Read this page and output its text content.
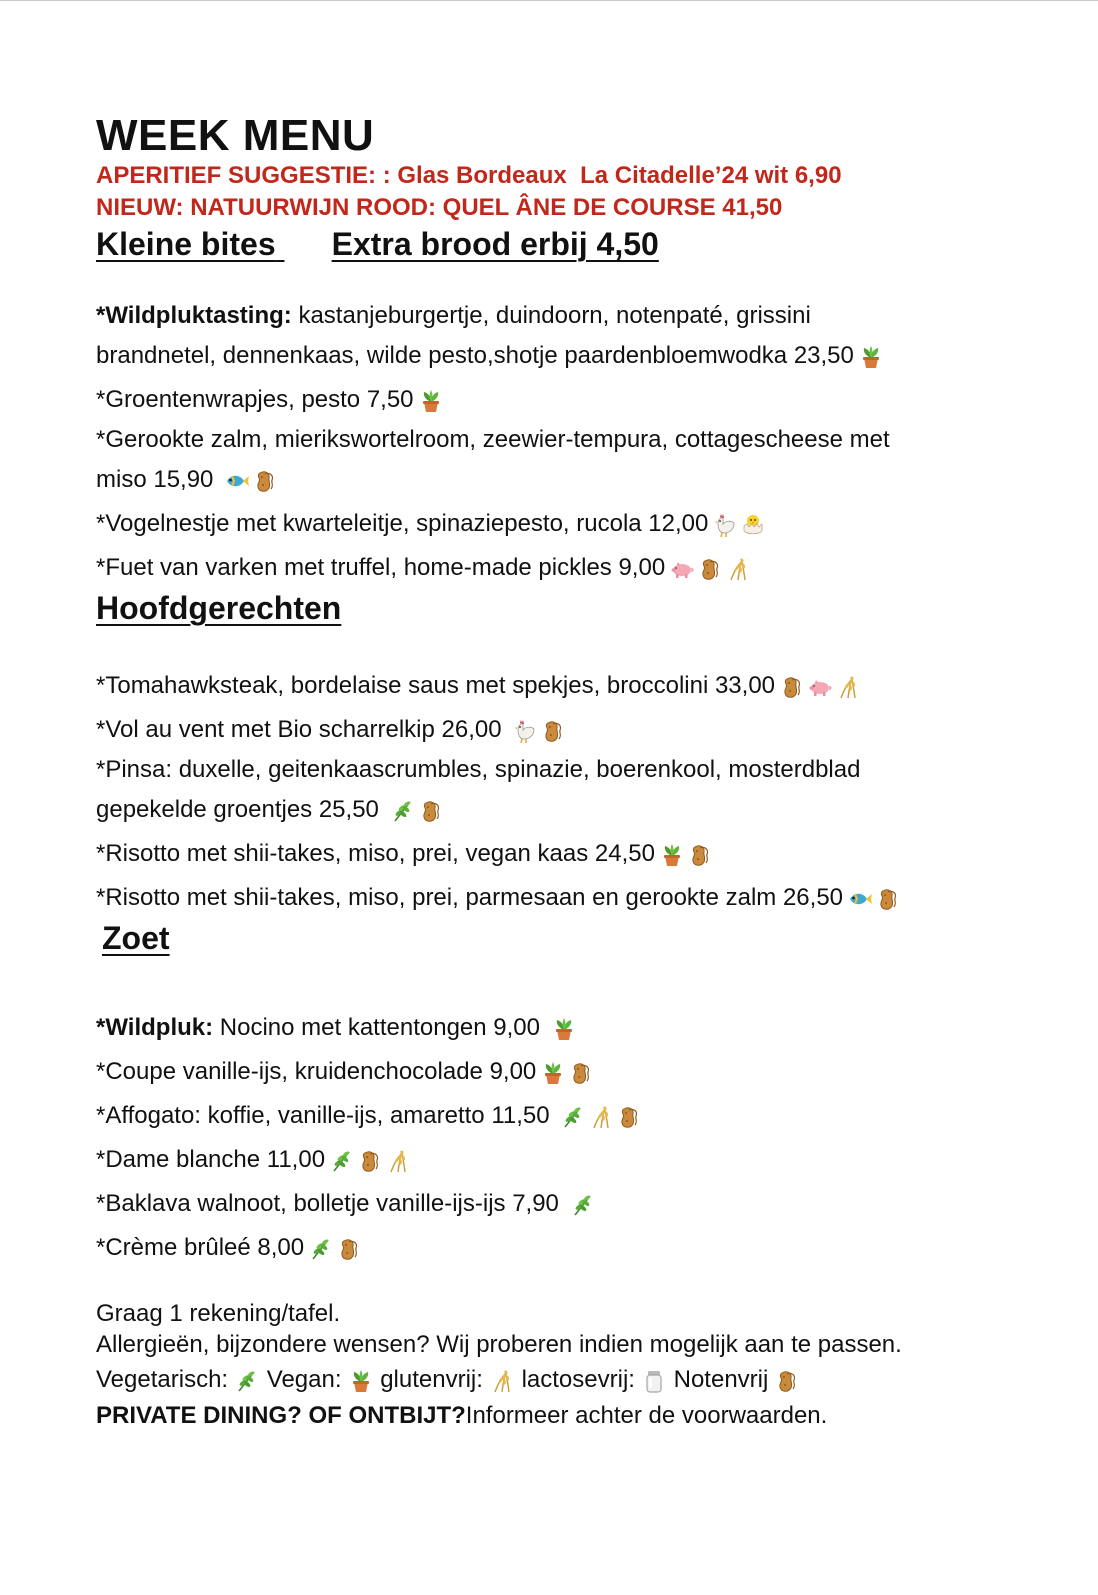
WEEK MENU
APERITIEF SUGGESTIE: : Glas Bordeaux  La Citadelle’24 wit 6,90
NIEUW: NATUURWIJN ROOD: QUEL ÂNE DE COURSE 41,50
Kleine bites
Extra brood erbij 4,50
*Wildpluktasting: kastanjeburgertje, duindoorn, notenpaté, grissini
brandnetel, dennenkaas, wilde pesto,shotje paardenbloemwodka 23,50
*Groentenwrapjes, pesto 7,50
*Gerookte zalm, mierikswortelroom, zeewier-tempura, cottagescheese met
miso 15,90
*Vogelnestje met kwarteleitje, spinaziepesto, rucola 12,00
*Fuet van varken met truffel, home-made pickles 9,00
Hoofdgerechten
*Tomahawksteak, bordelaise saus met spekjes, broccolini 33,00
*Vol au vent met Bio scharrelkip 26,00
*Pinsa: duxelle, geitenkaascrumbles, spinazie, boerenkool, mosterdblad
gepekelde groentjes 25,50
*Risotto met shii-takes, miso, prei, vegan kaas 24,50
*Risotto met shii-takes, miso, prei, parmesaan en gerookte zalm 26,50
Zoet
*Wildpluk: Nocino met kattentongen 9,00
*Coupe vanille-ijs, kruidenchocolade 9,00
*Affogato: koffie, vanille-ijs, amaretto 11,50
*Dame blanche 11,00
*Baklava walnoot, bolletje vanille-ijs-ijs 7,90
*Crème brûleé 8,00
Graag 1 rekening/tafel.
Allergieën, bijzondere wensen? Wij proberen indien mogelijk aan te passen.
Vegetarisch:
Vegan:
glutenvrij:
lactosevrij:
Notenvrij
PRIVATE DINING? OF ONTBIJT?Informeer achter de voorwaarden.
